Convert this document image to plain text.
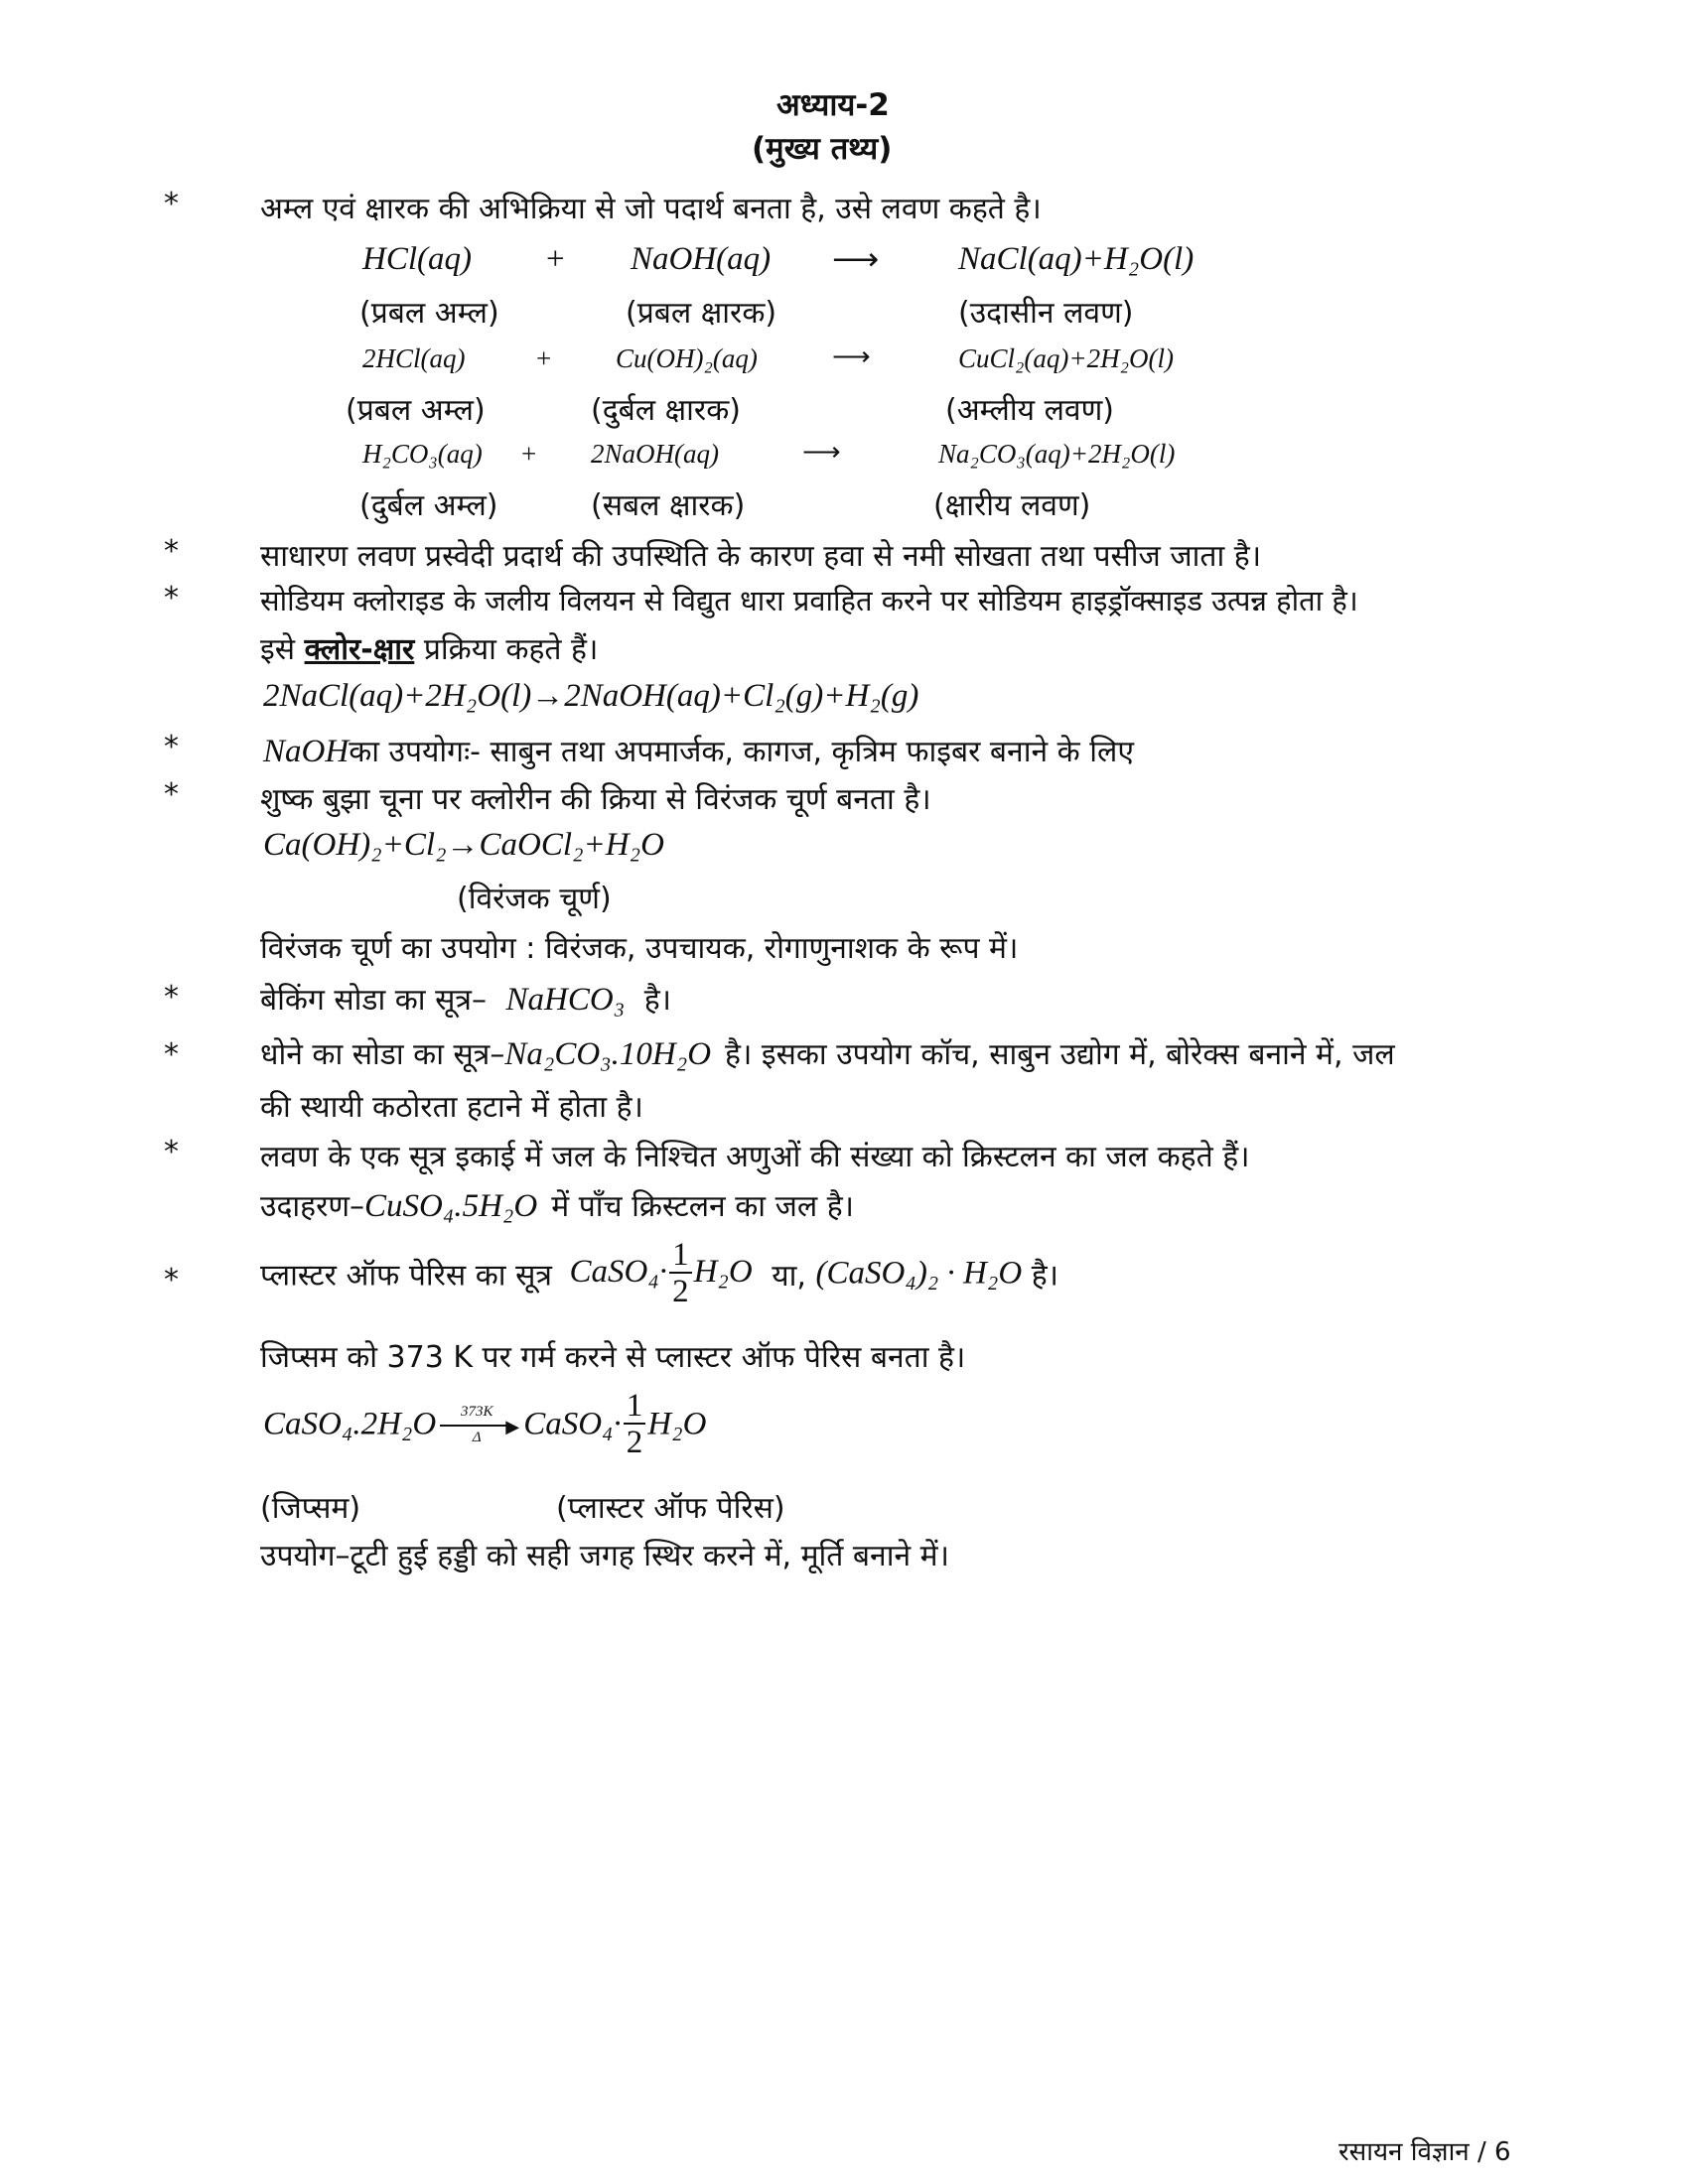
अध्याय-2
(मुख्य तथ्य)
*	अम्ल एवं क्षारक की अभिक्रिया से जो पदार्थ बनता है, उसे लवण कहते है।
HCl(aq) + NaOH(aq) ⟶ NaCl(aq)+H₂O(l)
(प्रबल अम्ल)	(प्रबल क्षारक)	(उदासीन लवण)
2HCl(aq)	+ Cu(OH)₂(aq)	⟶	CuCl₂(aq)+2H₂O(l)
(प्रबल अम्ल)	(दुर्बल क्षारक)	(अम्लीय लवण)
H₂CO₃(aq) + 2NaOH(aq)	⟶	Na₂CO₃(aq)+2H₂O(l)
(दुर्बल अम्ल)	(सबल क्षारक)	(क्षारीय लवण)
*	साधारण लवण प्रस्वेदी प्रदार्थ की उपस्थिति के कारण हवा से नमी सोखता तथा पसीज जाता है।
*	सोडियम क्लोराइड के जलीय विलयन से विद्युत धारा प्रवाहित करने पर सोडियम हाइड्रॉक्साइड उत्पन्न होता है।
इसे क्लोर-क्षार प्रक्रिया कहते हैं।
2NaCl(aq)+2H₂O(l)→2NaOH(aq)+Cl₂(g)+H₂(g)
*	NaOHका उपयोगः- साबुन तथा अपमार्जक, कागज, कृत्रिम फाइबर बनाने के लिए
*	शुष्क बुझा चूना पर क्लोरीन की क्रिया से विरंजक चूर्ण बनता है।
Ca(OH)₂+Cl₂→CaOCl₂+H₂O
(विरंजक चूर्ण)
विरंजक चूर्ण का उपयोग : विरंजक, उपचायक, रोगाणुनाशक के रूप में।
*	बेकिंग सोडा का सूत्र– NaHCO₃ है।
*	धोने का सोडा का सूत्र–Na₂CO₃.10H₂O है। इसका उपयोग कॉच, साबुन उद्योग में, बोरेक्स बनाने में, जल
की स्थायी कठोरता हटाने में होता है।
*	लवण के एक सूत्र इकाई में जल के निश्चित अणुओं की संख्या को क्रिस्टलन का जल कहते हैं।
उदाहरण–CuSO₄.5H₂O में पाँच क्रिस्टलन का जल है।
*	प्लास्टर ऑफ पेरिस का सूत्र CaSO₄· $\frac{1}{2} H_2O$ या, (CaSO₄)₂ · H₂O है।
जिप्सम को 373 K पर गर्म करने से प्लास्टर ऑफ पेरिस बनता है।
CaSO₄.2H₂O	373K
▶
Δ	CaSO₄· $\frac{1}{2} H_2O$
(जिप्सम)	(प्लास्टर ऑफ पेरिस)
उपयोग–टूटी हुई हड्डी को सही जगह स्थिर करने में, मूर्ति बनाने में।
रसायन विज्ञान / 6
